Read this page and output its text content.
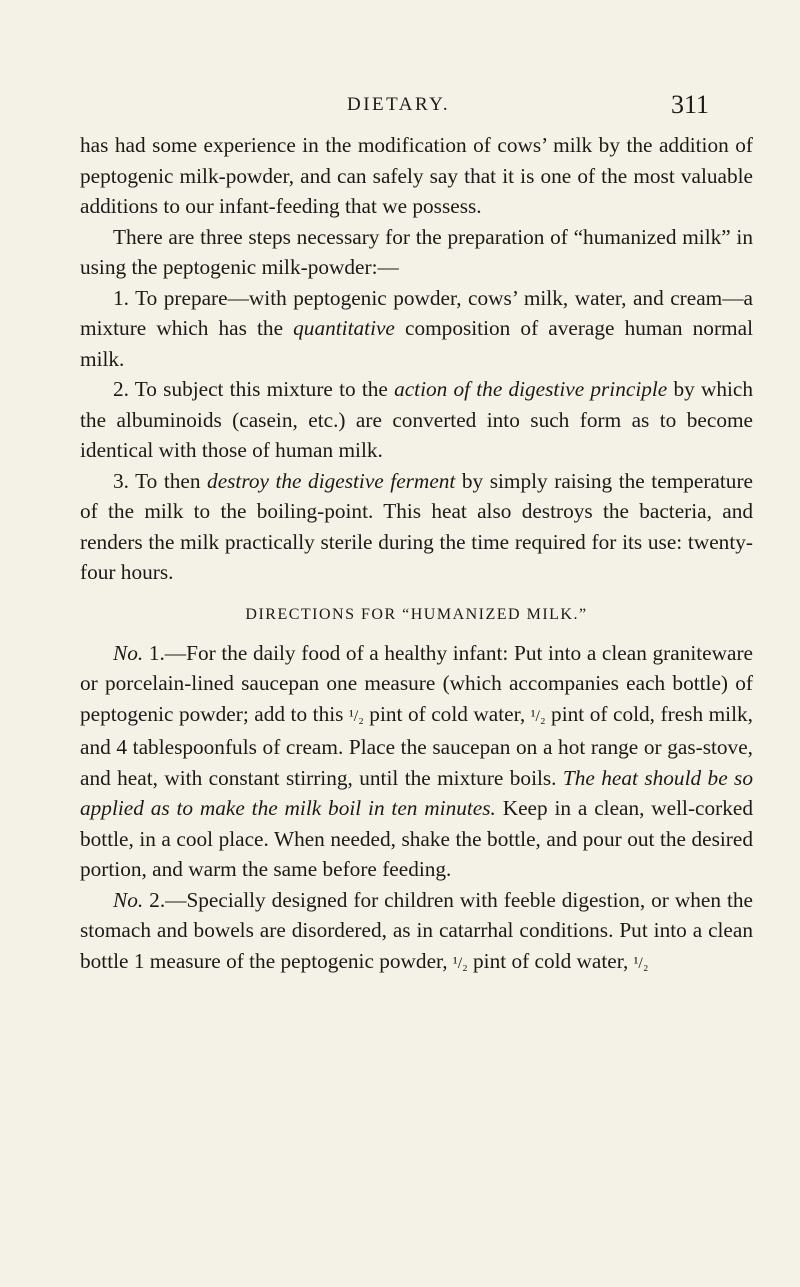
DIETARY.	311

has had some experience in the modification of cows’ milk by the addition of peptogenic milk-powder, and can safely say that it is one of the most valuable additions to our infant-feeding that we possess.

There are three steps necessary for the preparation of “humanized milk” in using the peptogenic milk-powder:—

1. To prepare—with peptogenic powder, cows’ milk, water, and cream—a mixture which has the quantitative composition of average human normal milk.

2. To subject this mixture to the action of the digestive principle by which the albuminoids (casein, etc.) are converted into such form as to become identical with those of human milk.

3. To then destroy the digestive ferment by simply raising the temperature of the milk to the boiling-point. This heat also destroys the bacteria, and renders the milk practically sterile during the time required for its use: twenty-four hours.

DIRECTIONS FOR “HUMANIZED MILK.”

No. 1.—For the daily food of a healthy infant: Put into a clean graniteware or porcelain-lined saucepan one measure (which accompanies each bottle) of peptogenic powder; add to this ¹/₂ pint of cold water, ¹/₂ pint of cold, fresh milk, and 4 tablespoonfuls of cream. Place the saucepan on a hot range or gas-stove, and heat, with constant stirring, until the mixture boils. The heat should be so applied as to make the milk boil in ten minutes. Keep in a clean, well-corked bottle, in a cool place. When needed, shake the bottle, and pour out the desired portion, and warm the same before feeding.

No. 2.—Specially designed for children with feeble digestion, or when the stomach and bowels are disordered, as in catarrhal conditions. Put into a clean bottle 1 measure of the peptogenic powder, ¹/₂ pint of cold water, ¹/₂
